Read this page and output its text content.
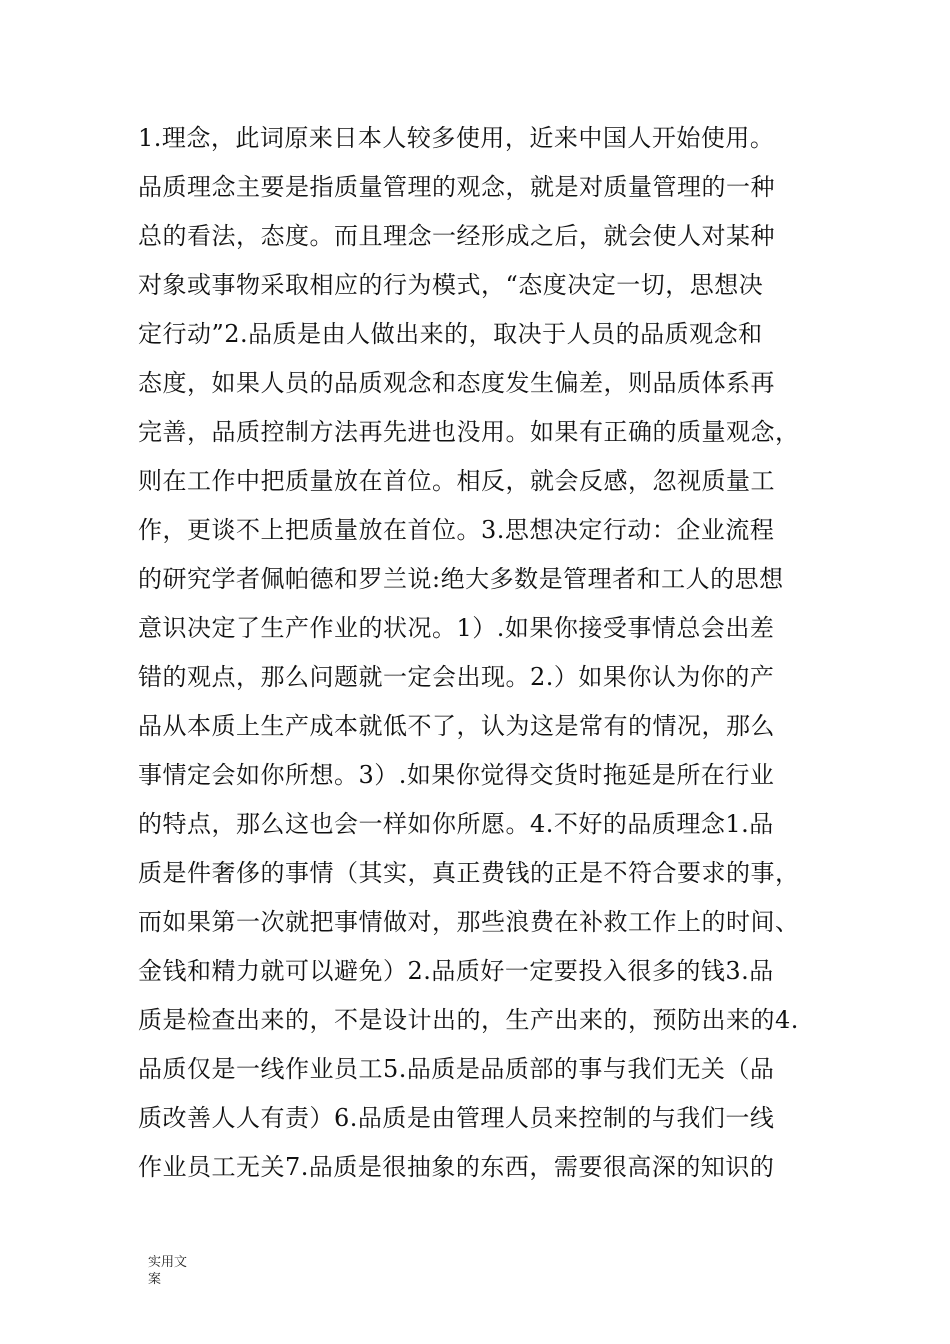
1.理念，此词原来日本人较多使用，近来中国人开始使用。
品质理念主要是指质量管理的观念，就是对质量管理的一种
总的看法，态度。而且理念一经形成之后，就会使人对某种
对象或事物采取相应的行为模式，“态度决定一切，思想决
定行动”2.品质是由人做出来的，取决于人员的品质观念和
态度，如果人员的品质观念和态度发生偏差，则品质体系再
完善，品质控制方法再先进也没用。如果有正确的质量观念，
则在工作中把质量放在首位。相反，就会反感，忽视质量工
作，更谈不上把质量放在首位。3.思想决定行动：企业流程
的研究学者佩帕德和罗兰说:绝大多数是管理者和工人的思想
意识决定了生产作业的状况。1）.如果你接受事情总会出差
错的观点，那么问题就一定会出现。2.）如果你认为你的产
品从本质上生产成本就低不了，认为这是常有的情况，那么
事情定会如你所想。3）.如果你觉得交货时拖延是所在行业
的特点，那么这也会一样如你所愿。4.不好的品质理念1.品
质是件奢侈的事情（其实，真正费钱的正是不符合要求的事，
而如果第一次就把事情做对，那些浪费在补救工作上的时间、
金钱和精力就可以避免）2.品质好一定要投入很多的钱3.品
质是检查出来的，不是设计出的，生产出来的，预防出来的4.
品质仅是一线作业员工5.品质是品质部的事与我们无关（品
质改善人人有责）6.品质是由管理人员来控制的与我们一线
作业员工无关7.品质是很抽象的东西，需要很高深的知识的
实用文
案
